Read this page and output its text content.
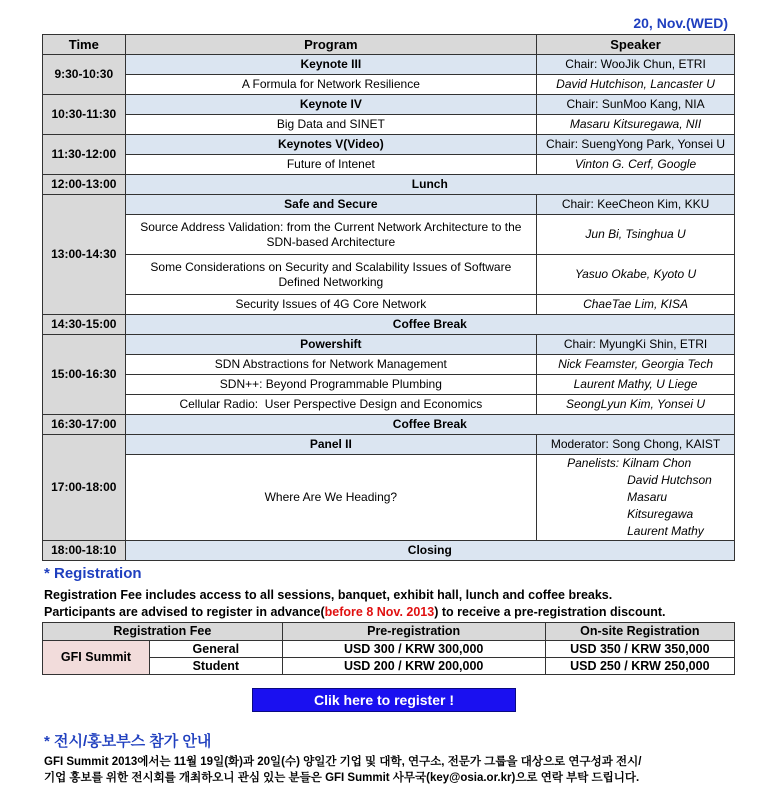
20, Nov.(WED)
Time	Program	Speaker
9:30-10:30	Keynote III	Chair: WooJik Chun, ETRI
	A Formula for Network Resilience	David Hutchison, Lancaster U
10:30-11:30	Keynote IV	Chair: SunMoo Kang, NIA
	Big Data and SINET	Masaru Kitsuregawa, NII
11:30-12:00	Keynotes V(Video)	Chair: SuengYong Park, Yonsei U
	Future of Intenet	Vinton G. Cerf, Google
12:00-13:00	Lunch	
13:00-14:30	Safe and Secure	Chair: KeeCheon Kim, KKU

	Source Address Validation: from the Current Network Architecture to the SDN-based Architecture	Jun Bi, Tsinghua U

	Some Considerations on Security and Scalability Issues of Software Defined Networking	Yasuo Okabe, Kyoto U
	Security Issues of 4G Core Network	ChaeTae Lim, KISA
14:30-15:00	Coffee Break	
15:00-16:30	Powershift	Chair: MyungKi Shin, ETRI
	SDN Abstractions for Network Management	Nick Feamster, Georgia Tech
	SDN++: Beyond Programmable Plumbing	Laurent Mathy, U Liege
	Cellular Radio:  User Perspective Design and Economics	SeongLyun Kim, Yonsei U
16:30-17:00	Coffee Break	
17:00-18:00	Panel II	Moderator: Song Chong, KAIST
	Where Are We Heading?	Panelists: Kilnam Chon
David Hutchson
Masaru Kitsuregawa
Laurent Mathy

18:00-18:10	Closing	
* Registration
Registration Fee includes access to all sessions, banquet, exhibit hall, lunch and coffee breaks.
Participants are advised to register in advance(before 8 Nov. 2013) to receive a pre-registration discount.
Registration Fee		Pre-registration	On-site Registration
GFI Summit	General	USD 300 / KRW 300,000	USD 350 / KRW 350,000
	Student	USD 200 / KRW 200,000	USD 250 / KRW 250,000
Clik here to register !
* 전시/홍보부스 참가 안내
GFI Summit 2013에서는 11월 19일(화)과 20일(수) 양일간 기업 및 대학, 연구소, 전문가 그룹을 대상으로 연구성과 전시/
기업 홍보를 위한 전시회를 개최하오니 관심 있는 분들은 GFI Summit 사무국(key@osia.or.kr)으로 연락 부탁 드립니다.
